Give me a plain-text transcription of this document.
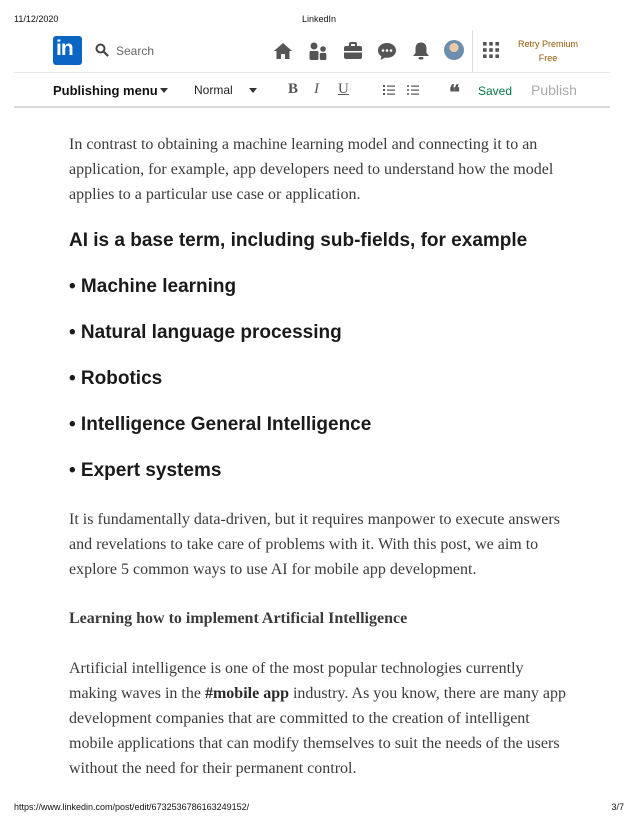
11/12/2020	LinkedIn
in
Search	Retry Premium
Free
Publishing menu	Normal	B I U	❛❛ Saved Publish

In contrast to obtaining a machine learning model and connecting it to an application, for example, app developers need to understand how the model applies to a particular use case or application.

AI is a base term, including sub-fields, for example
• Machine learning
• Natural language processing
• Robotics
• Intelligence General Intelligence
• Expert systems

It is fundamentally data-driven, but it requires manpower to execute answers and revelations to take care of problems with it. With this post, we aim to explore 5 common ways to use AI for mobile app development.

Learning how to implement Artificial Intelligence

Artificial intelligence is one of the most popular technologies currently making waves in the #mobile app industry. As you know, there are many app development companies that are committed to the creation of intelligent mobile applications that can modify themselves to suit the needs of the users without the need for their permanent control.

https://www.linkedin.com/post/edit/6732536786163249152/	3/7
